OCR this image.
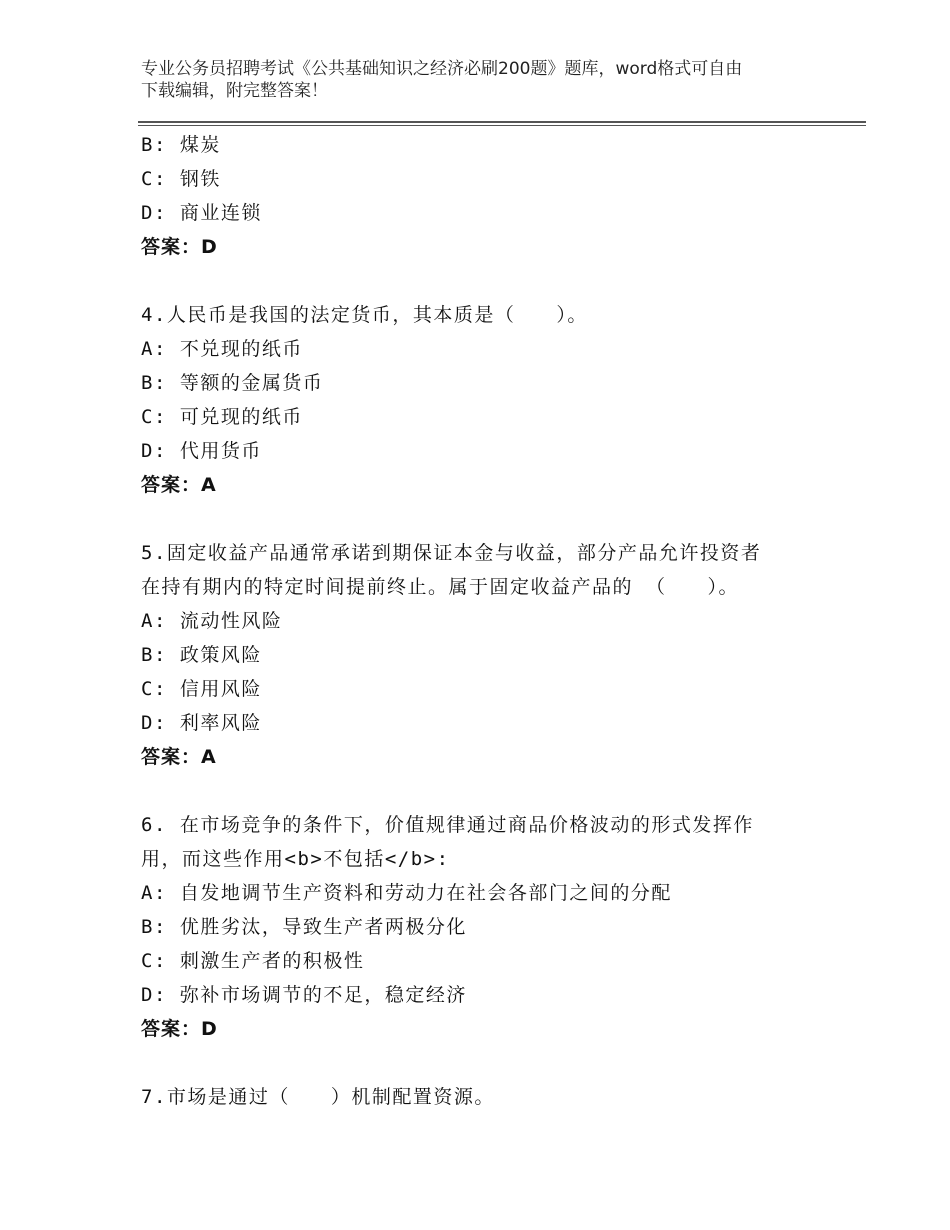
专业公务员招聘考试《公共基础知识之经济必刷200题》题库，word格式可自由
下载编辑，附完整答案！
B: 煤炭
C: 钢铁
D: 商业连锁
答案：D
4.人民币是我国的法定货币，其本质是（　　）。
A: 不兑现的纸币
B: 等额的金属货币
C: 可兑现的纸币
D: 代用货币
答案：A
5.固定收益产品通常承诺到期保证本金与收益，部分产品允许投资者
在持有期内的特定时间提前终止。属于固定收益产品的 （　　）。
A: 流动性风险
B: 政策风险
C: 信用风险
D: 利率风险
答案：A
6. 在市场竞争的条件下，价值规律通过商品价格波动的形式发挥作
用，而这些作用<b>不包括</b>:
A: 自发地调节生产资料和劳动力在社会各部门之间的分配
B: 优胜劣汰，导致生产者两极分化
C: 刺激生产者的积极性
D: 弥补市场调节的不足，稳定经济
答案：D
7.市场是通过（　　）机制配置资源。
